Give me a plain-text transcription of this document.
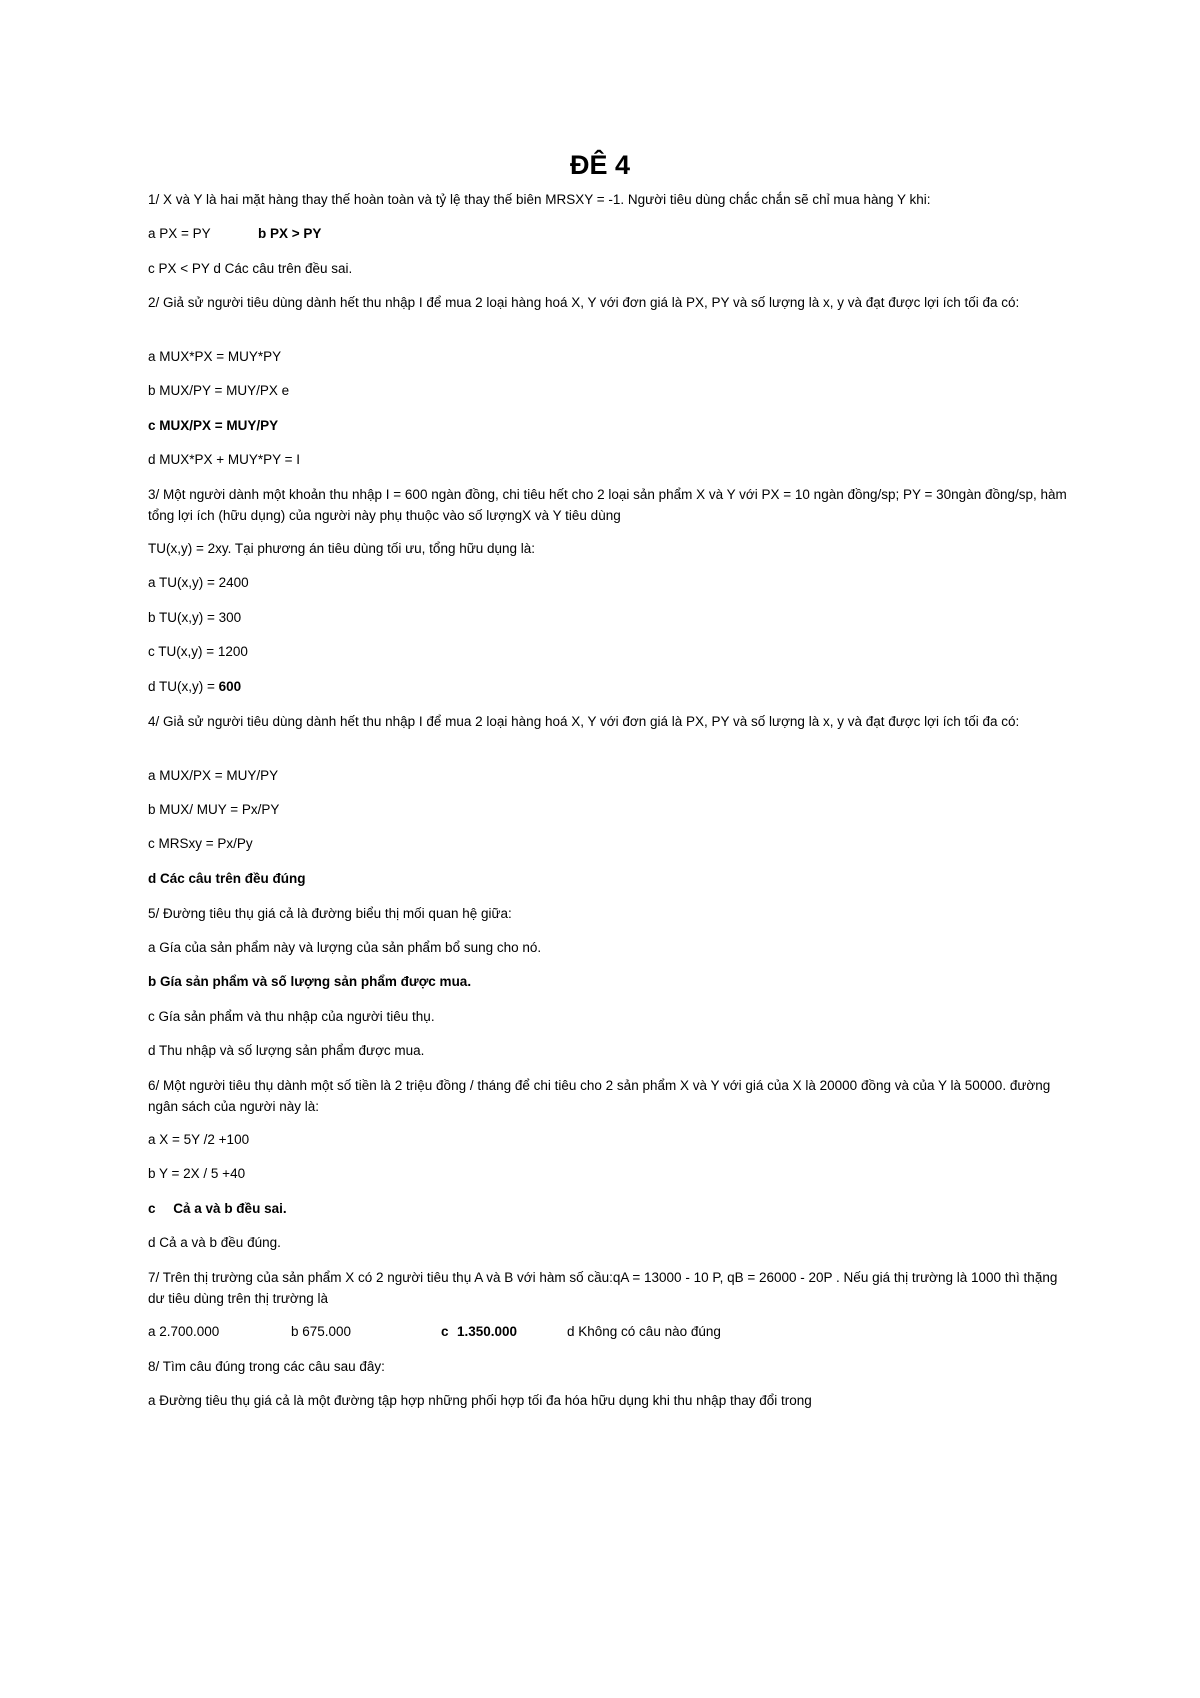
ĐÊ 4
1/ X và Y là hai mặt hàng thay thế hoàn toàn và tỷ lệ thay thế biên MRSXY = -1. Người tiêu dùng chắc chắn sẽ chỉ mua hàng Y khi:
a PX = PY	b PX > PY
c PX < PY d Các câu trên đều sai.
2/ Giả sử người tiêu dùng dành hết thu nhập I để mua 2 loại hàng hoá X, Y với đơn giá là PX, PY và số lượng là x, y và đạt được lợi ích tối đa có:
a MUX*PX = MUY*PY
b MUX/PY = MUY/PX e
c MUX/PX = MUY/PY
d MUX*PX + MUY*PY = I
3/ Một người dành một khoản thu nhập I = 600 ngàn đồng, chi tiêu hết cho 2 loại sản phẩm X và Y với PX = 10 ngàn đồng/sp; PY = 30ngàn đồng/sp, hàm tổng lợi ích (hữu dụng) của người này phụ thuộc vào số lượngX và Y tiêu dùng
TU(x,y) = 2xy. Tại phương án tiêu dùng tối ưu, tổng hữu dụng là:
a TU(x,y) = 2400
b TU(x,y) = 300
c TU(x,y) = 1200
d TU(x,y) = 600
4/ Giả sử người tiêu dùng dành hết thu nhập I để mua 2 loại hàng hoá X, Y với đơn giá là PX, PY và số lượng là x, y và đạt được lợi ích tối đa có:
a MUX/PX = MUY/PY
b MUX/ MUY = Px/PY
c MRSxy = Px/Py
d Các câu trên đều đúng
5/ Đường tiêu thụ giá cả là đường biểu thị mối quan hệ giữa:
a Gía của sản phẩm này và lượng của sản phẩm bổ sung cho nó.
b Gía sản phẩm và số lượng sản phẩm được mua.
c Gía sản phẩm và thu nhập của người tiêu thụ.
d Thu nhập và số lượng sản phẩm được mua.
6/ Một người tiêu thụ dành một số tiền là 2 triệu đồng / tháng để chi tiêu cho 2 sản phẩm X và Y với giá của X là 20000 đồng và của Y là 50000. đường ngân sách của người này là:
a X = 5Y /2 +100
b Y = 2X / 5 +40
c Cả a và b đều sai.
d Cả a và b đều đúng.
7/ Trên thị trường của sản phẩm X có 2 người tiêu thụ A và B với hàm số cầu:qA = 13000 - 10 P, qB = 26000 - 20P . Nếu giá thị trường là 1000 thì thặng dư tiêu dùng trên thị trường là
a 2.700.000	b 675.000	c 1.350.000	d Không có câu nào đúng
8/ Tìm câu đúng trong các câu sau đây:
a Đường tiêu thụ giá cả là một đường tập hợp những phối hợp tối đa hóa hữu dụng khi thu nhập thay đổi trong
